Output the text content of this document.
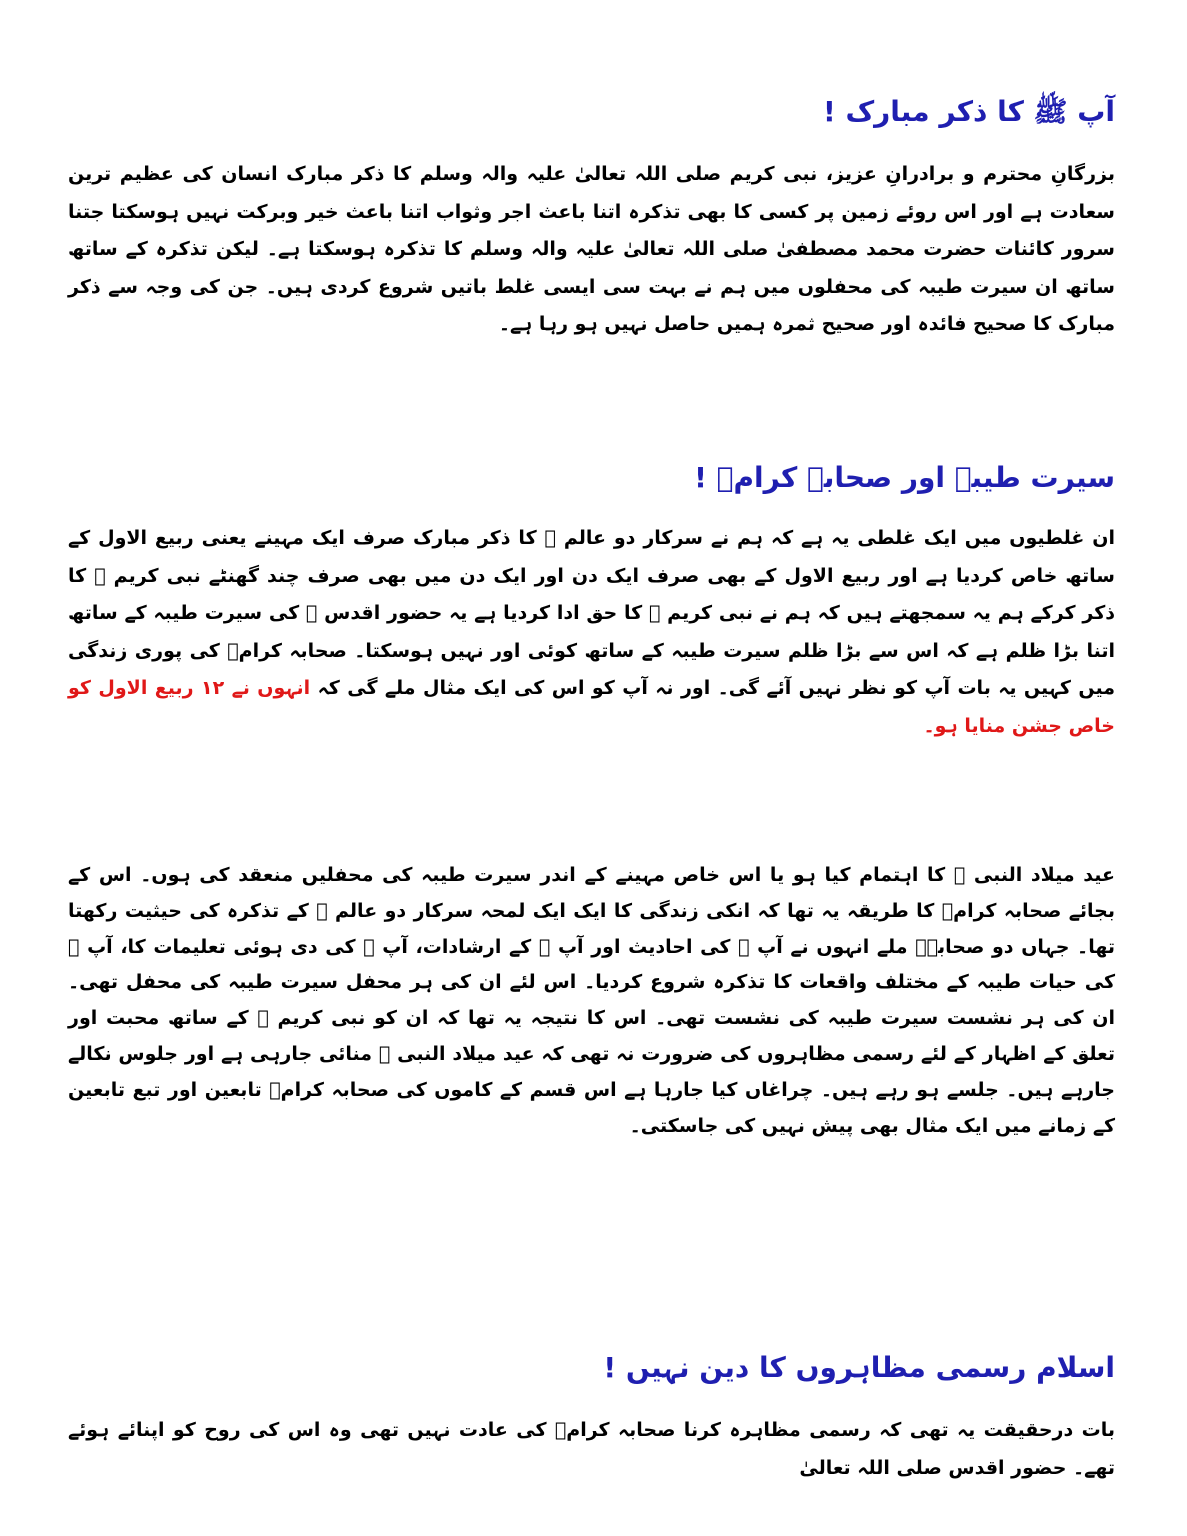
آپ ﷺ کا ذکر مبارک !

بزرگانِ محترم و برادرانِ عزیز، نبی کریم صلی اللہ تعالیٰ علیہ والہ وسلم کا ذکر مبارک انسان کی عظیم ترین سعادت ہے اور اس روئے زمین پر کسی کا بھی تذکرہ اتنا باعث اجر وثواب اتنا باعث خیر وبرکت نہیں ہوسکتا جتنا سرور کائنات حضرت محمد مصطفیٰ صلی اللہ تعالیٰ علیہ والہ وسلم کا تذکرہ ہوسکتا ہے۔ لیکن تذکرہ کے ساتھ ساتھ ان سیرت طیبہ کی محفلوں میں ہم نے بہت سی ایسی غلط باتیں شروع کردی ہیں۔ جن کی وجہ سے ذکر مبارک کا صحیح فائدہ اور صحیح ثمرہ ہمیں حاصل نہیں ہو رہا ہے۔

سیرت طیبہ اور صحابہ کرامؓ !

ان غلطیوں میں ایک غلطی یہ ہے کہ ہم نے سرکار دو عالم ﷺ کا ذکر مبارک صرف ایک مہینے یعنی ربیع الاول کے ساتھ خاص کردیا ہے اور ربیع الاول کے بھی صرف ایک دن اور ایک دن میں بھی صرف چند گھنٹے نبی کریم ﷺ کا ذکر کرکے ہم یہ سمجھتے ہیں کہ ہم نے نبی کریم ﷺ کا حق ادا کردیا ہے یہ حضور اقدس ﷺ کی سیرت طیبہ کے ساتھ اتنا بڑا ظلم ہے کہ اس سے بڑا ظلم سیرت طیبہ کے ساتھ کوئی اور نہیں ہوسکتا۔ صحابہ کرامؓ کی پوری زندگی میں کہیں یہ بات آپ کو نظر نہیں آئے گی۔ اور نہ آپ کو اس کی ایک مثال ملے گی کہ انہوں نے ۱۲ ربیع الاول کو خاص جشن منایا ہو۔

عید میلاد النبی ﷺ کا اہتمام کیا ہو یا اس خاص مہینے کے اندر سیرت طیبہ کی محفلیں منعقد کی ہوں۔ اس کے بجائے صحابہ کرامؓ کا طریقہ یہ تھا کہ انکی زندگی کا ایک ایک لمحہ سرکار دو عالم ﷺ کے تذکرہ کی حیثیت رکھتا تھا۔ جہاں دو صحابہؓ ملے انہوں نے آپ ﷺ کی احادیث اور آپ ﷺ کے ارشادات، آپ ﷺ کی دی ہوئی تعلیمات کا، آپ ﷺ کی حیات طیبہ کے مختلف واقعات کا تذکرہ شروع کردیا۔ اس لئے ان کی ہر محفل سیرت طیبہ کی محفل تھی۔ ان کی ہر نشست سیرت طیبہ کی نشست تھی۔ اس کا نتیجہ یہ تھا کہ ان کو نبی کریم ﷺ کے ساتھ محبت اور تعلق کے اظہار کے لئے رسمی مظاہروں کی ضرورت نہ تھی کہ عید میلاد النبی ﷺ منائی جارہی ہے اور جلوس نکالے جارہے ہیں۔ جلسے ہو رہے ہیں۔ چراغاں کیا جارہا ہے اس قسم کے کاموں کی صحابہ کرامؓ تابعین اور تبع تابعین کے زمانے میں ایک مثال بھی پیش نہیں کی جاسکتی۔

اسلام رسمی مظاہروں کا دین نہیں !

بات درحقیقت یہ تھی کہ رسمی مظاہرہ کرنا صحابہ کرامؓ کی عادت نہیں تھی وہ اس کی روح کو اپنائے ہوئے تھے۔ حضور اقدس صلی اللہ تعالیٰ
